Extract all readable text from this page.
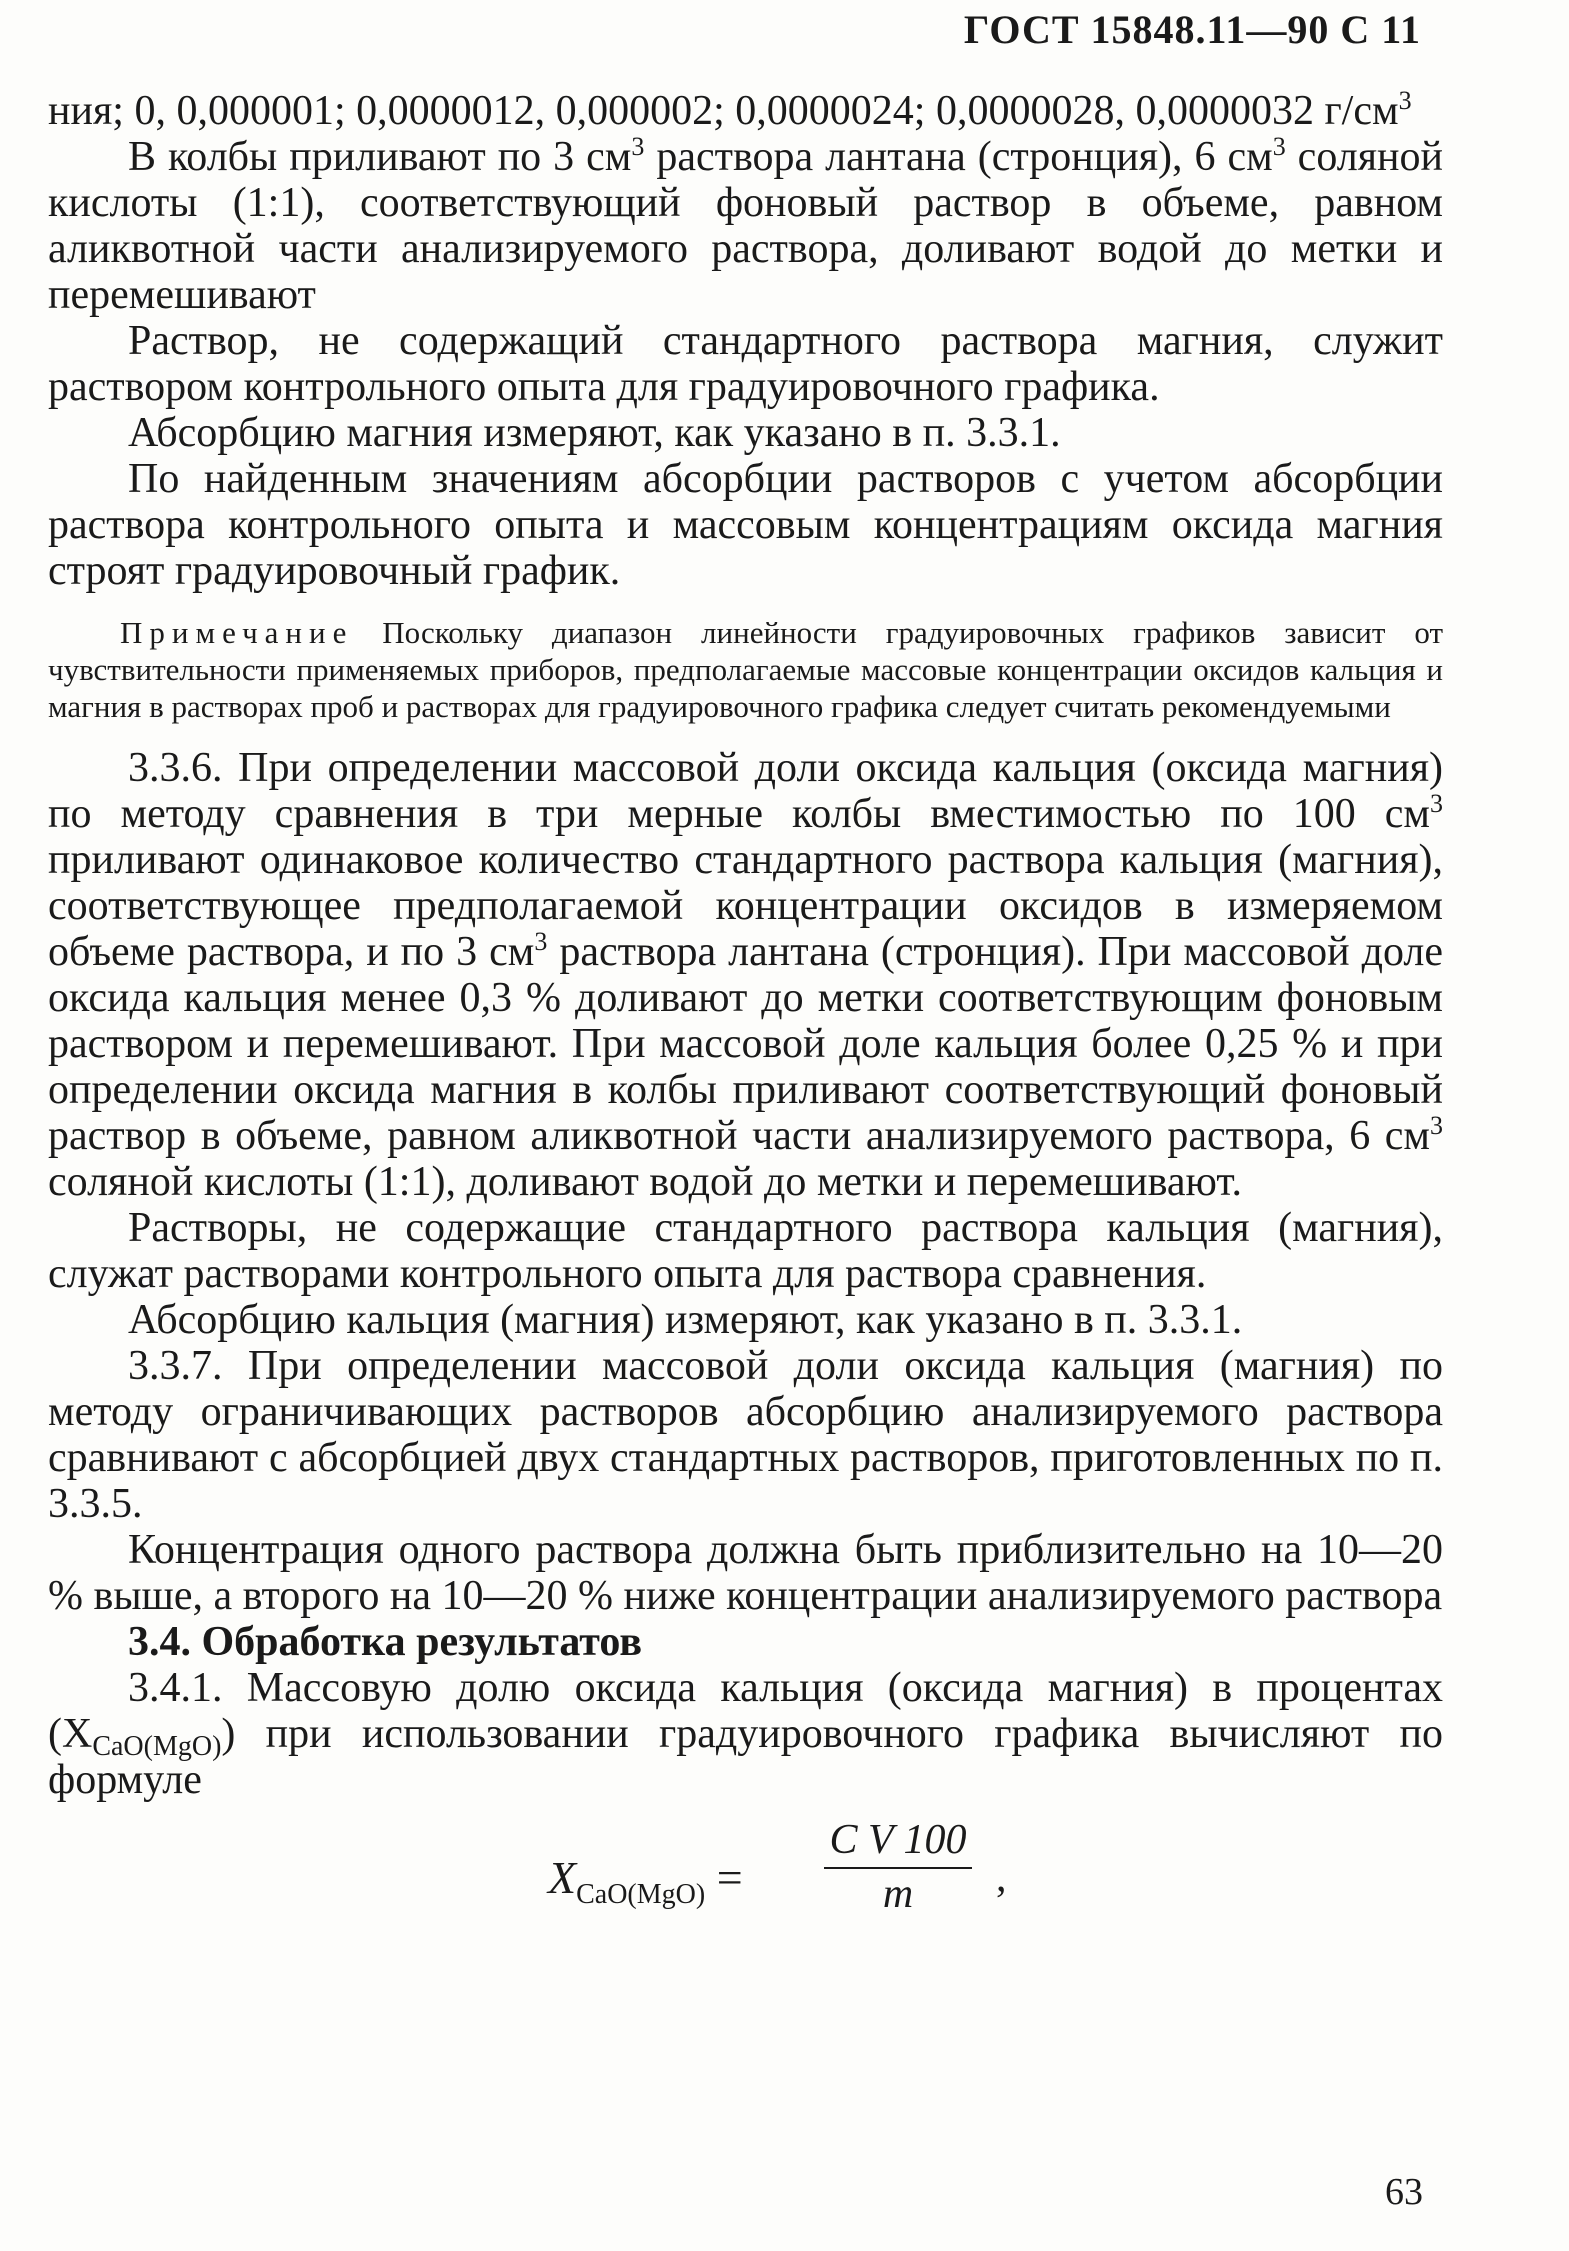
ГОСТ 15848.11—90 С 11

ния; 0, 0,000001; 0,0000012, 0,000002; 0,0000024; 0,0000028, 0,0000032 $г/см^3$

В колбы приливают по 3 $см^3$ раствора лантана (стронция), 6 $см^3$ соляной кислоты (1:1), соответствующий фоновый раствор в объеме, равном аликвотной части анализируемого раствора, доливают водой до метки и перемешивают

Раствор, не содержащий стандартного раствора магния, служит раствором контрольного опыта для градуировочного графика.

Абсорбцию магния измеряют, как указано в п. 3.3.1.

По найденным значениям абсорбции растворов с учетом абсорбции раствора контрольного опыта и массовым концентрациям оксида магния строят градуировочный график.

Примечание Поскольку диапазон линейности градуировочных графиков зависит от чувствительности применяемых приборов, предполагаемые массовые концентрации оксидов кальция и магния в растворах проб и растворах для градуировочного графика следует считать рекомендуемыми

3.3.6. При определении массовой доли оксида кальция (оксида магния) по методу сравнения в три мерные колбы вместимостью по 100 $см^3$ приливают одинаковое количество стандартного раствора кальция (магния), соответствующее предполагаемой концентрации оксидов в измеряемом объеме раствора, и по 3 $см^3$ раствора лантана (стронция). При массовой доле оксида кальция менее 0,3 % доливают до метки соответствующим фоновым раствором и перемешивают. При массовой доле кальция более 0,25 % и при определении оксида магния в колбы приливают соответствующий фоновый раствор в объеме, равном аликвотной части анализируемого раствора, 6 $см^3$ соляной кислоты (1:1), доливают водой до метки и перемешивают.

Растворы, не содержащие стандартного раствора кальция (магния), служат растворами контрольного опыта для раствора сравнения.

Абсорбцию кальция (магния) измеряют, как указано в п. 3.3.1.

3.3.7. При определении массовой доли оксида кальция (магния) по методу ограничивающих растворов абсорбцию анализируемого раствора сравнивают с абсорбцией двух стандартных растворов, приготовленных по п. 3.3.5.

Концентрация одного раствора должна быть приблизительно на 10—20 % выше, а второго на 10—20 % ниже концентрации анализируемого раствора

3.4. Обработка результатов

3.4.1. Массовую долю оксида кальция (оксида магния) в процентах (XCaO(MgO)) при использовании градуировочного графика вычисляют по формуле

$X_{CaO(MgO)}$ =
C V 100
m	,
63
